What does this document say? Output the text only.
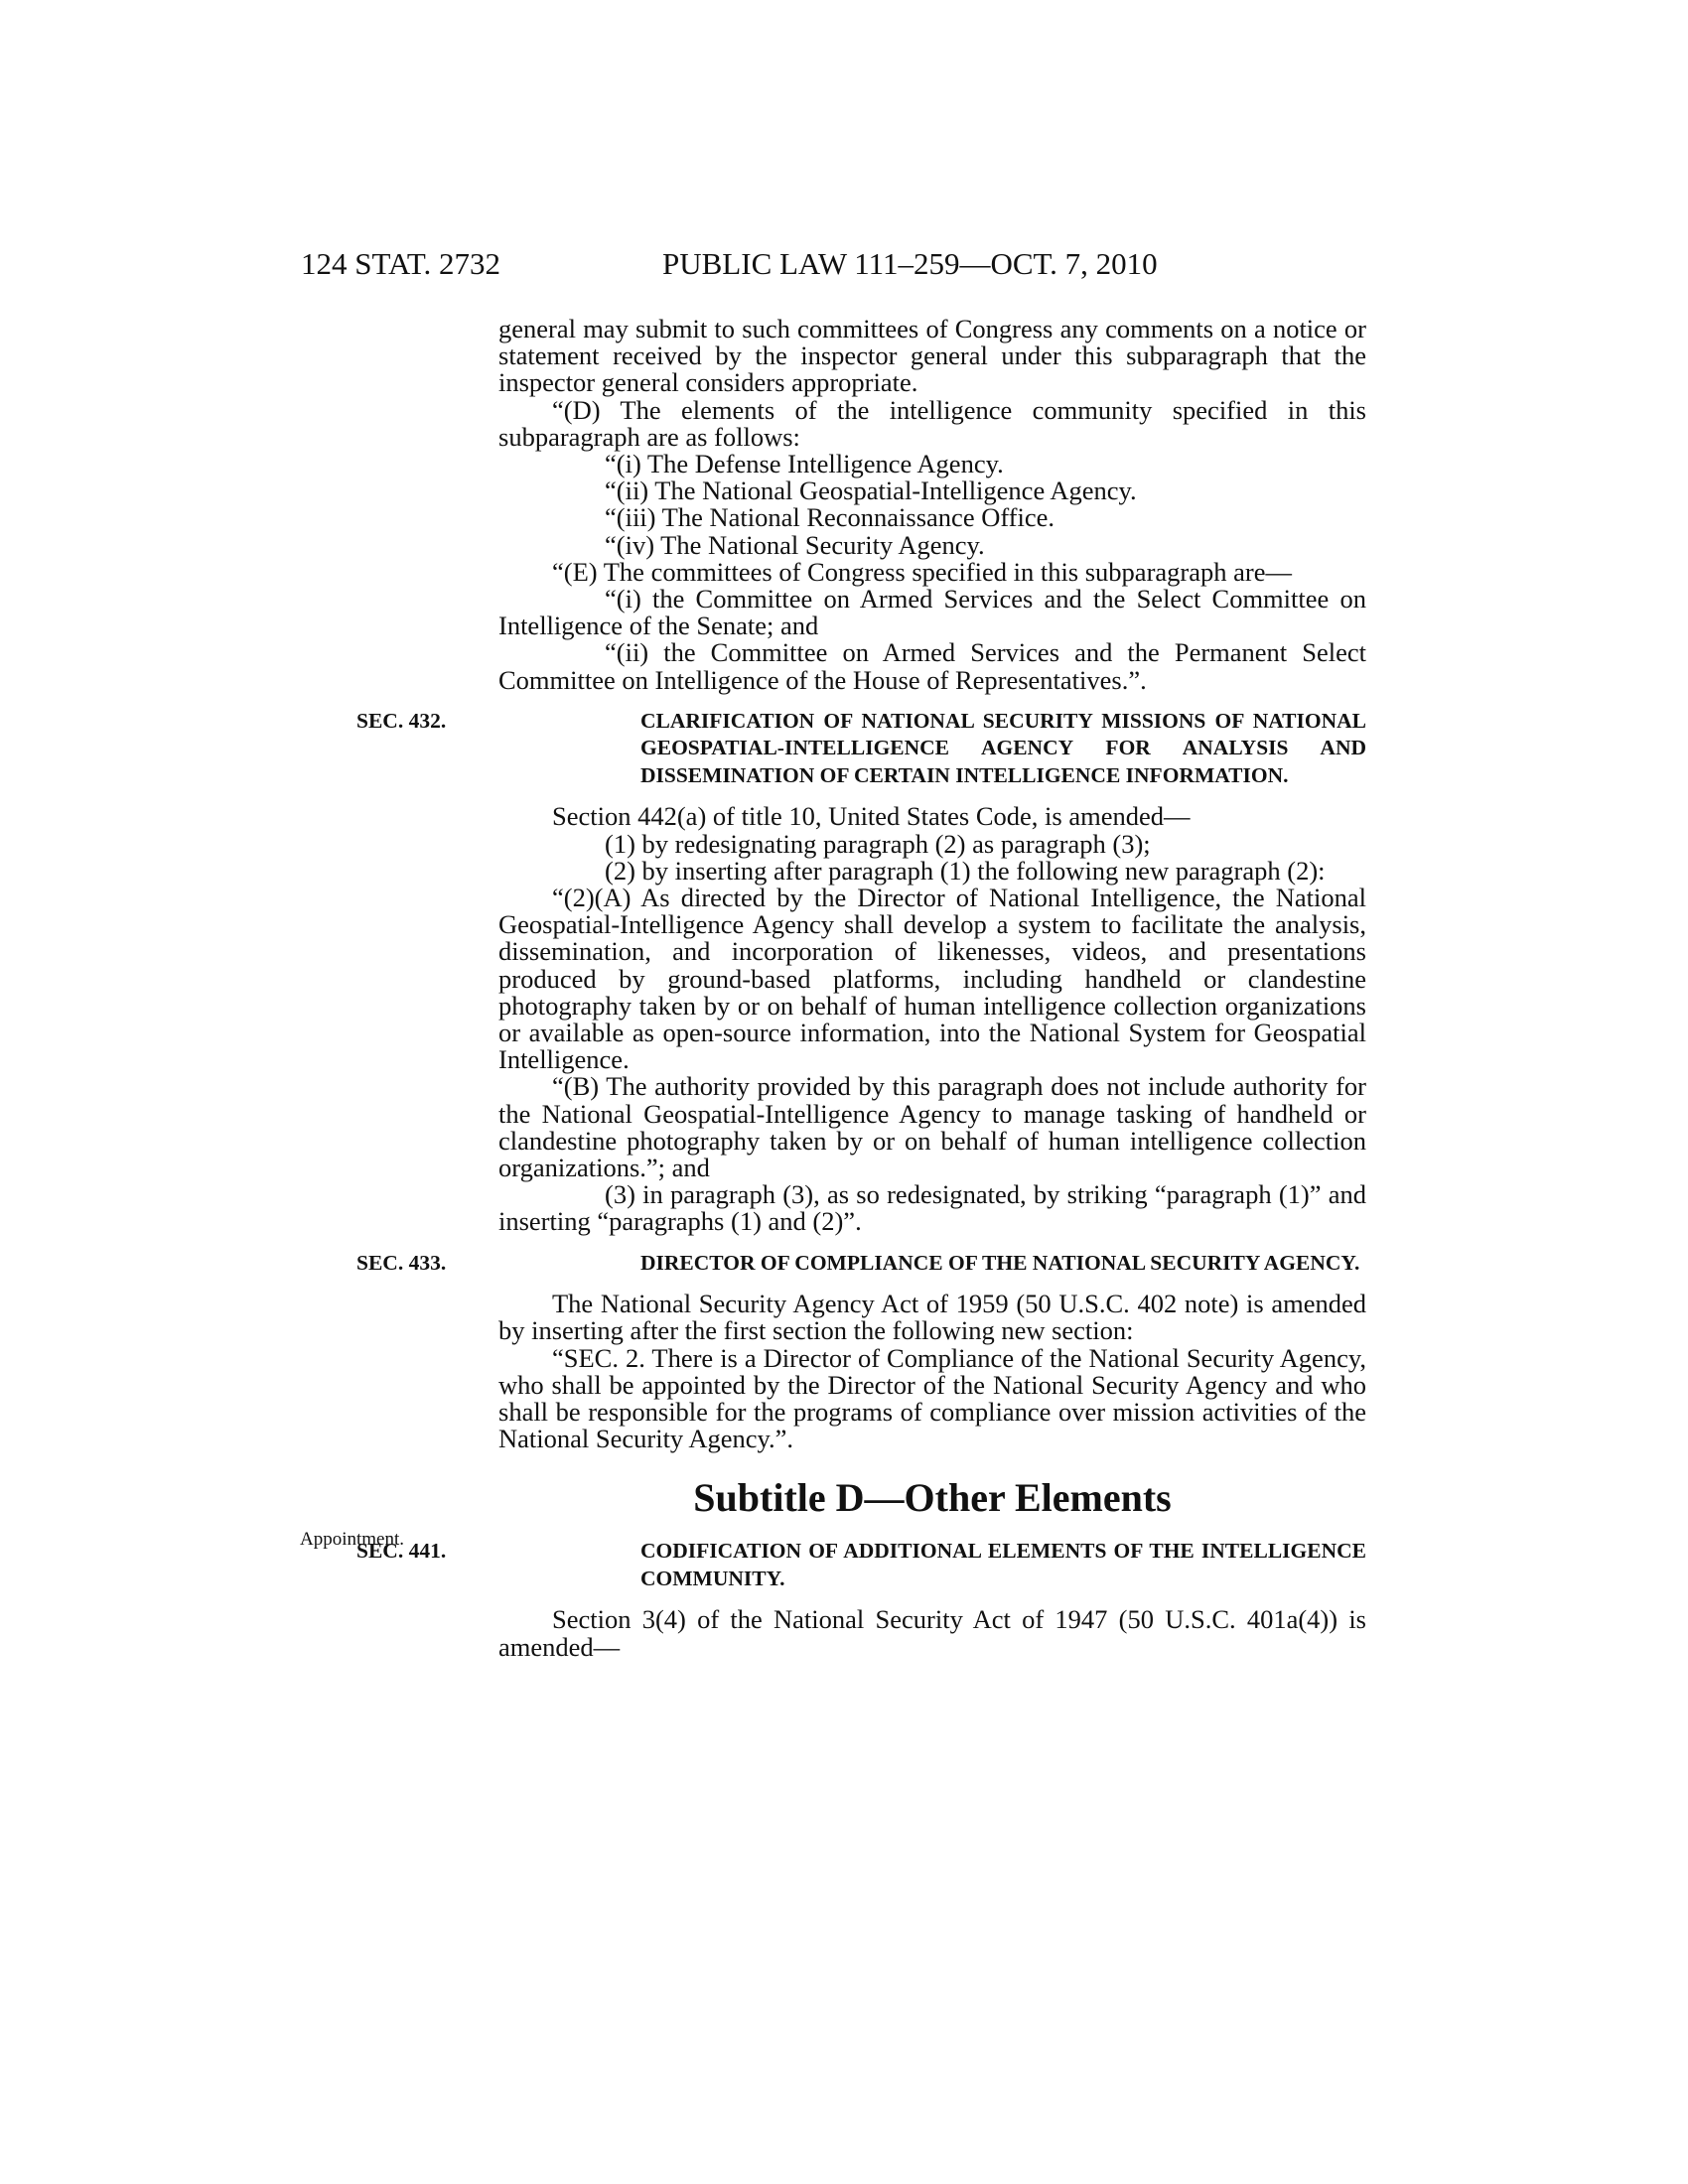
124 STAT. 2732	PUBLIC LAW 111–259—OCT. 7, 2010
Appointment.

general may submit to such committees of Congress any comments on a notice or statement received by the inspector general under this subparagraph that the inspector general considers appropriate.

“(D) The elements of the intelligence community specified in this subparagraph are as follows:

“(i) The Defense Intelligence Agency.

“(ii) The National Geospatial-Intelligence Agency.

“(iii) The National Reconnaissance Office.

“(iv) The National Security Agency.

“(E) The committees of Congress specified in this subparagraph are—

“(i) the Committee on Armed Services and the Select Committee on Intelligence of the Senate; and

“(ii) the Committee on Armed Services and the Permanent Select Committee on Intelligence of the House of Representatives.”.

SEC. 432.	CLARIFICATION OF NATIONAL SECURITY MISSIONS OF NATIONAL GEOSPATIAL-INTELLIGENCE AGENCY FOR ANALYSIS AND DISSEMINATION OF CERTAIN INTELLIGENCE INFORMATION.

Section 442(a) of title 10, United States Code, is amended—

(1) by redesignating paragraph (2) as paragraph (3);

(2) by inserting after paragraph (1) the following new paragraph (2):

“(2)(A) As directed by the Director of National Intelligence, the National Geospatial-Intelligence Agency shall develop a system to facilitate the analysis, dissemination, and incorporation of likenesses, videos, and presentations produced by ground-based platforms, including handheld or clandestine photography taken by or on behalf of human intelligence collection organizations or available as open-source information, into the National System for Geospatial Intelligence.

“(B) The authority provided by this paragraph does not include authority for the National Geospatial-Intelligence Agency to manage tasking of handheld or clandestine photography taken by or on behalf of human intelligence collection organizations.”; and

(3) in paragraph (3), as so redesignated, by striking “paragraph (1)” and inserting “paragraphs (1) and (2)”.

SEC. 433.	DIRECTOR OF COMPLIANCE OF THE NATIONAL SECURITY AGENCY.

The National Security Agency Act of 1959 (50 U.S.C. 402 note) is amended by inserting after the first section the following new section:

“SEC. 2. There is a Director of Compliance of the National Security Agency, who shall be appointed by the Director of the National Security Agency and who shall be responsible for the programs of compliance over mission activities of the National Security Agency.”.

Subtitle D—Other Elements
SEC. 441.	CODIFICATION OF ADDITIONAL ELEMENTS OF THE INTELLIGENCE COMMUNITY.

Section 3(4) of the National Security Act of 1947 (50 U.S.C. 401a(4)) is amended—
